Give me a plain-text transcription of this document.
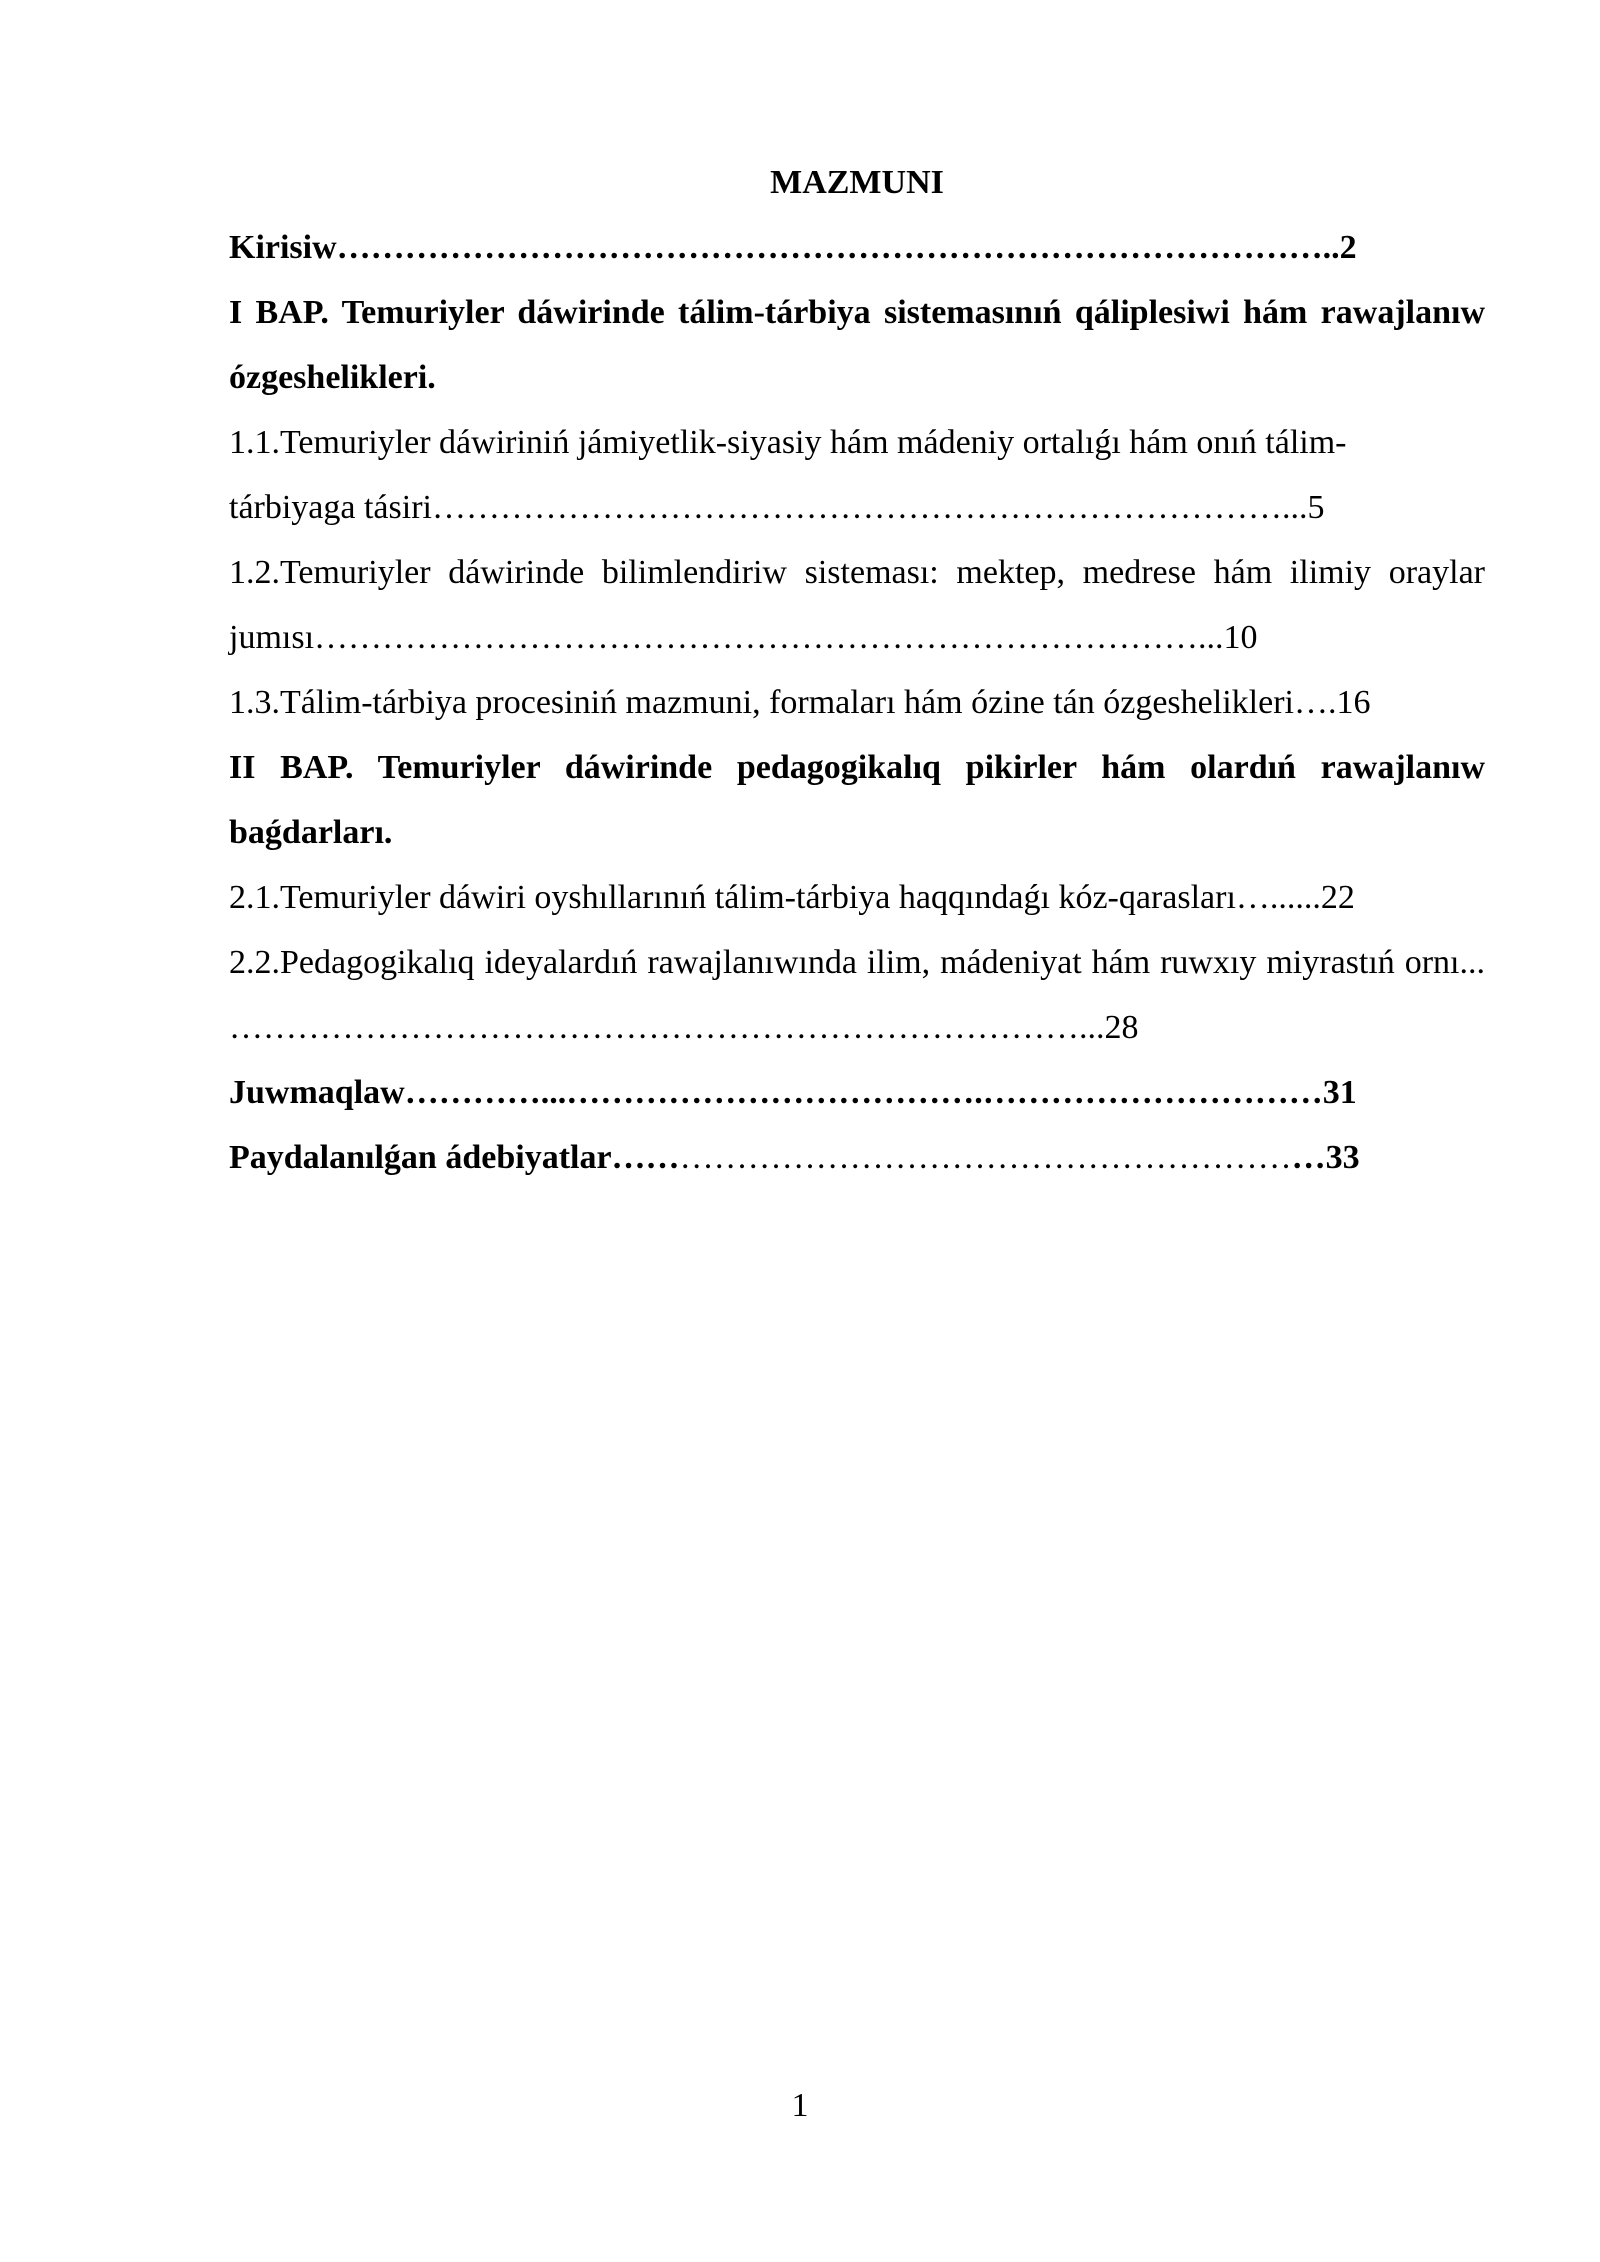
MAZMUNI
Kirisiw……………………………………………………………………………..2
I BAP. Temuriyler dáwirinde tálim-tárbiya sistemasınıń qáliplesiwi hám rawajlanıw ózgeshelikleri.
1.1.Temuriyler dáwiriniń jámiyetlik-siyasiy hám mádeniy ortalıǵı hám onıń tálim-
tárbiyaga tásiri…………………………………………………………………...5
1.2.Temuriyler dáwirinde bilimlendiriw sisteması: mektep, medrese hám ilimiy oraylar jumısı……………………………………………………………………...10
1.3.Tálim-tárbiya procesiniń mazmuni, formaları hám ózine tán ózgeshelikleri….16
II BAP. Temuriyler dáwirinde pedagogikalıq pikirler hám olardıń rawajlanıw baǵdarları.
2.1.Temuriyler dáwiri oyshıllarınıń tálim-tárbiya haqqındaǵı kóz-qarasları…......22
2.2.Pedagogikalıq ideyalardıń rawajlanıwında ilim, mádeniyat hám ruwxıy miyrastıń ornı... …………………………………………………………………...28
Juwmaqlaw…………...……………………………….…………………………31
Paydalanılǵan ádebiyatlar………………………………………………………33
1
